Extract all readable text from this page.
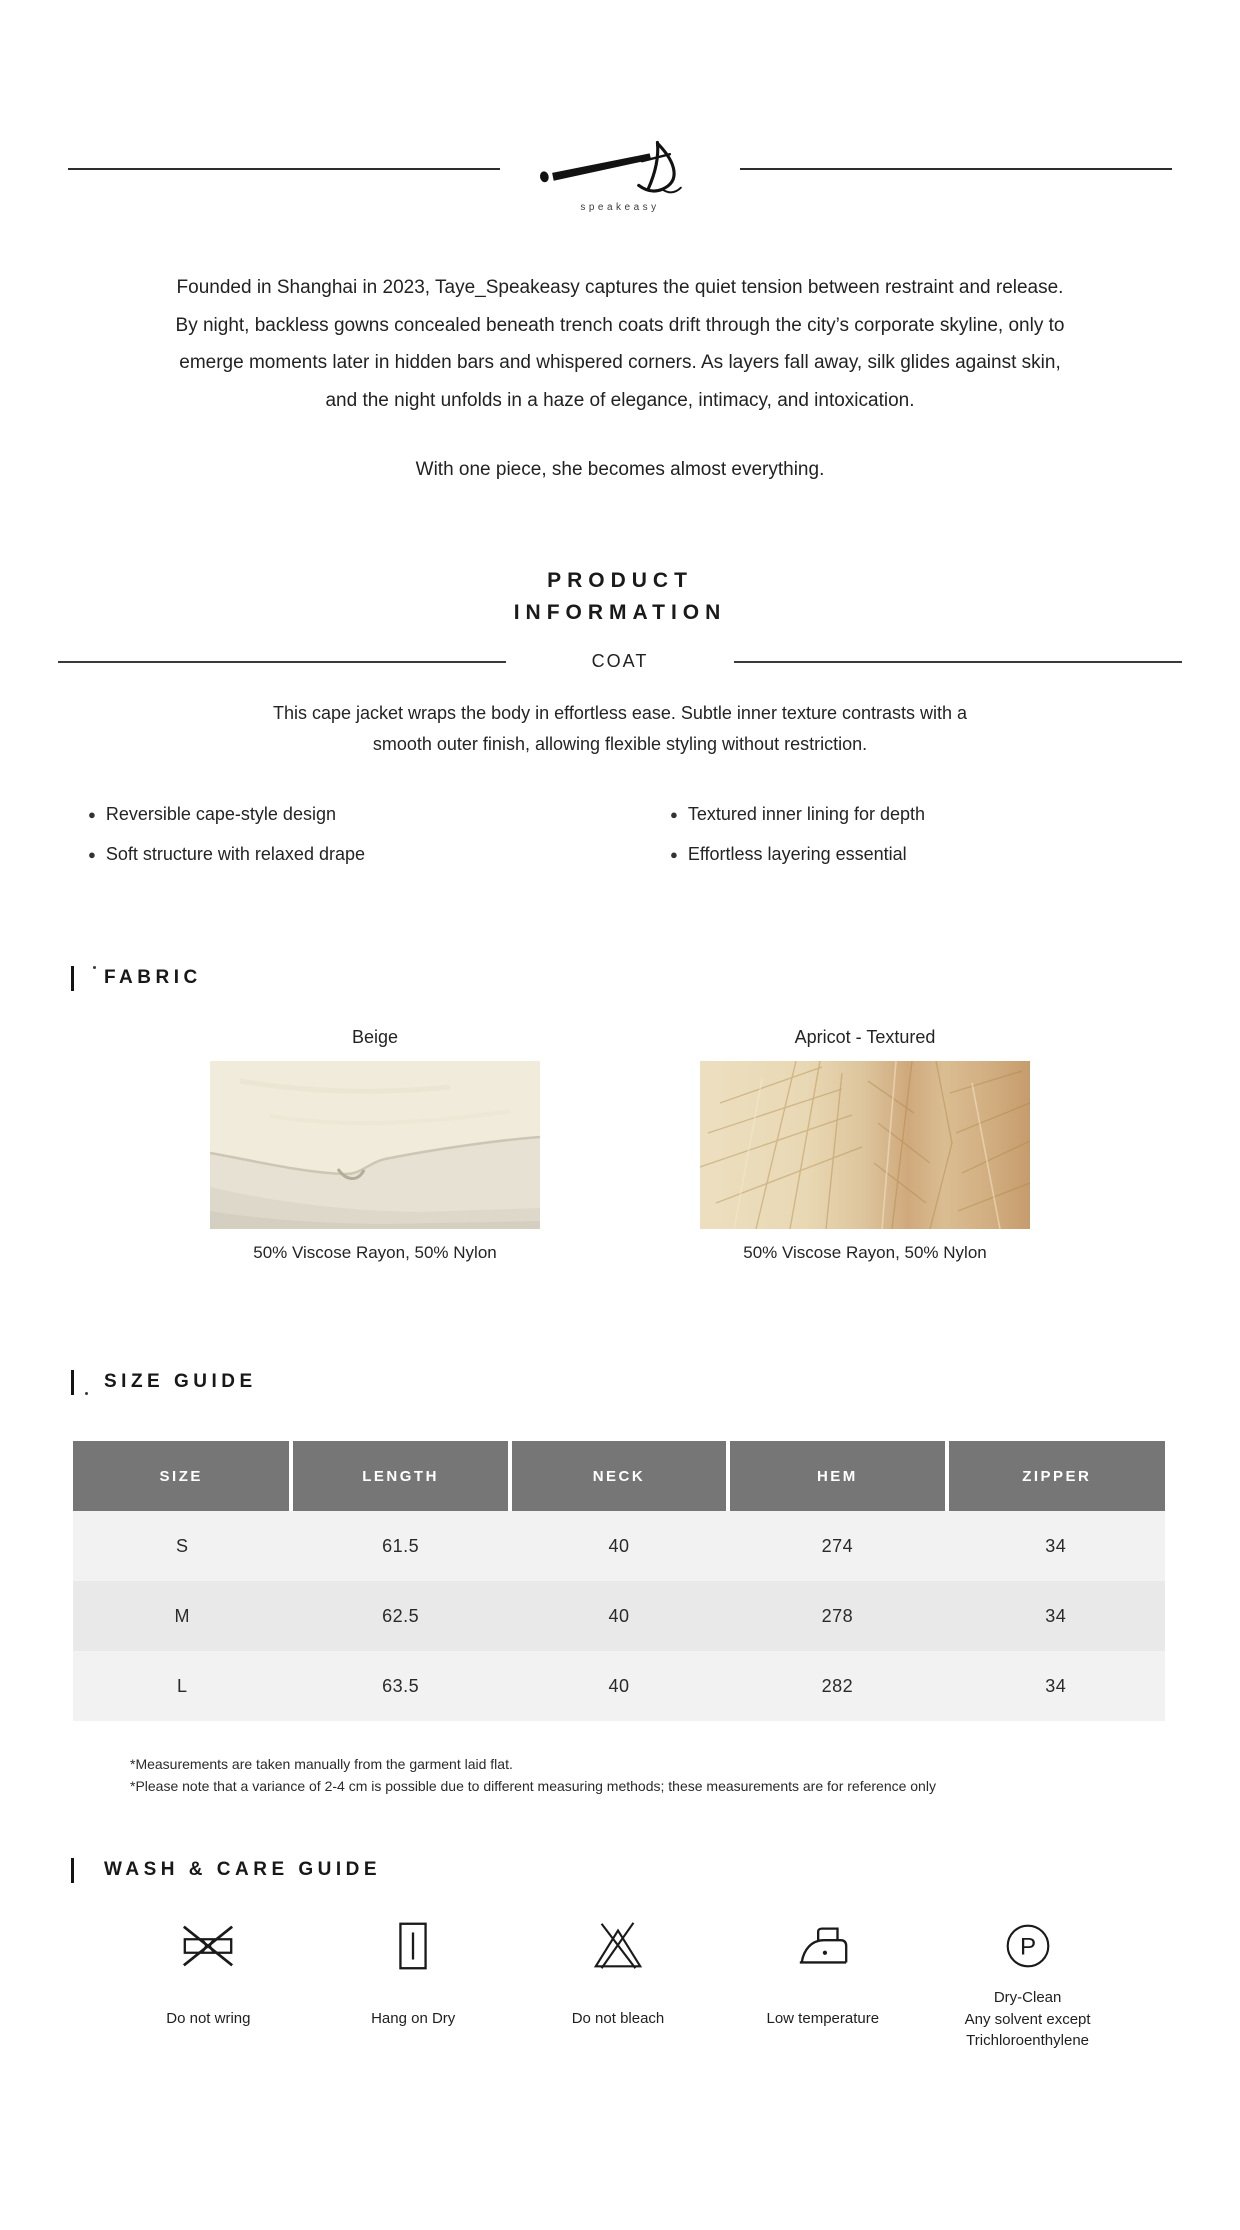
speakeasy
Founded in Shanghai in 2023, Taye_Speakeasy captures the quiet tension between restraint and release.
By night, backless gowns concealed beneath trench coats drift through the city’s corporate skyline, only to
emerge moments later in hidden bars and whispered corners. As layers fall away, silk glides against skin,
and the night unfolds in a haze of elegance, intimacy, and intoxication.
With one piece, she becomes almost everything.
PRODUCT
INFORMATION
COAT
This cape jacket wraps the body in effortless ease. Subtle inner texture contrasts with a
smooth outer finish, allowing flexible styling without restriction.
● Reversible cape-style design	● Textured inner lining for depth
● Soft structure with relaxed drape	● Effortless layering essential
FABRIC
Beige
50% Viscose Rayon, 50% Nylon
Apricot - Textured
50% Viscose Rayon, 50% Nylon
SIZE GUIDE
SIZE	LENGTH	NECK	HEM	ZIPPER
S	61.5	40	274	34
M	62.5	40	278	34
L	63.5	40	282	34
*Measurements are taken manually from the garment laid flat.
*Please note that a variance of 2-4 cm is possible due to different measuring methods; these measurements are for reference only
WASH & CARE GUIDE
Do not wring	Hang on Dry	Do not bleach	Low temperature
P
Dry-Clean
Any solvent except
Trichloroenthylene
